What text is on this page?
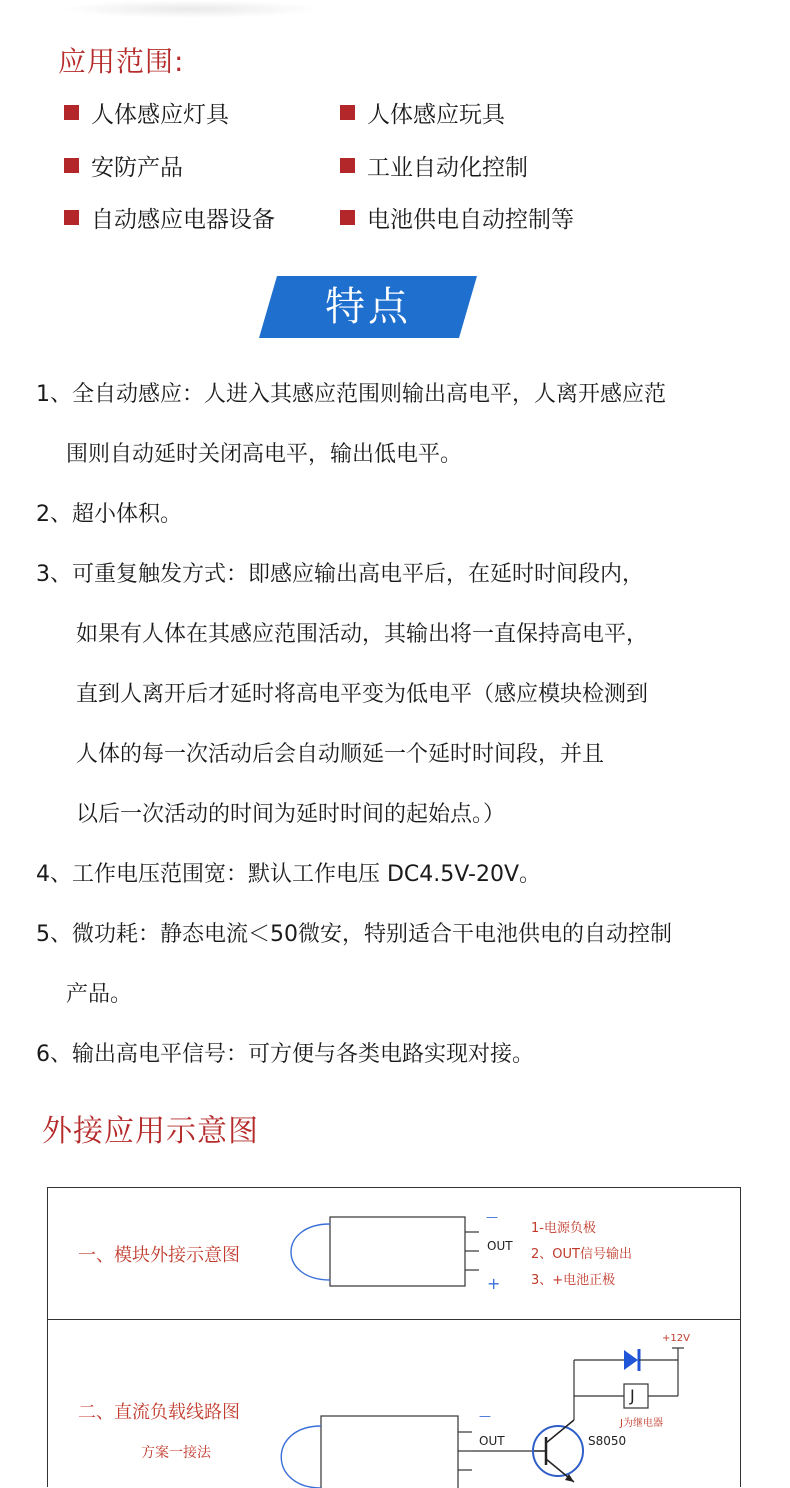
应用范围:
人体感应灯具	人体感应玩具
安防产品	工业自动化控制
自动感应电器设备	电池供电自动控制等
特点
1、全自动感应：人进入其感应范围则输出高电平，人离开感应范
围则自动延时关闭高电平，输出低电平。
2、超小体积。
3、可重复触发方式：即感应输出高电平后，在延时时间段内，
如果有人体在其感应范围活动，其输出将一直保持高电平，
直到人离开后才延时将高电平变为低电平（感应模块检测到
人体的每一次活动后会自动顺延一个延时时间段，并且
以后一次活动的时间为延时时间的起始点。）
4、工作电压范围宽：默认工作电压 DC4.5V-20V。
5、微功耗：静态电流＜50微安，特别适合干电池供电的自动控制
产品。
6、输出高电平信号：可方便与各类电路实现对接。
外接应用示意图
一、模块外接示意图
—
OUT
+
1-电源负极
2、OUT信号输出
3、+电池正极
二、直流负载线路图
方案一接法
—
OUT
+12V
J
J为继电器
S8050
